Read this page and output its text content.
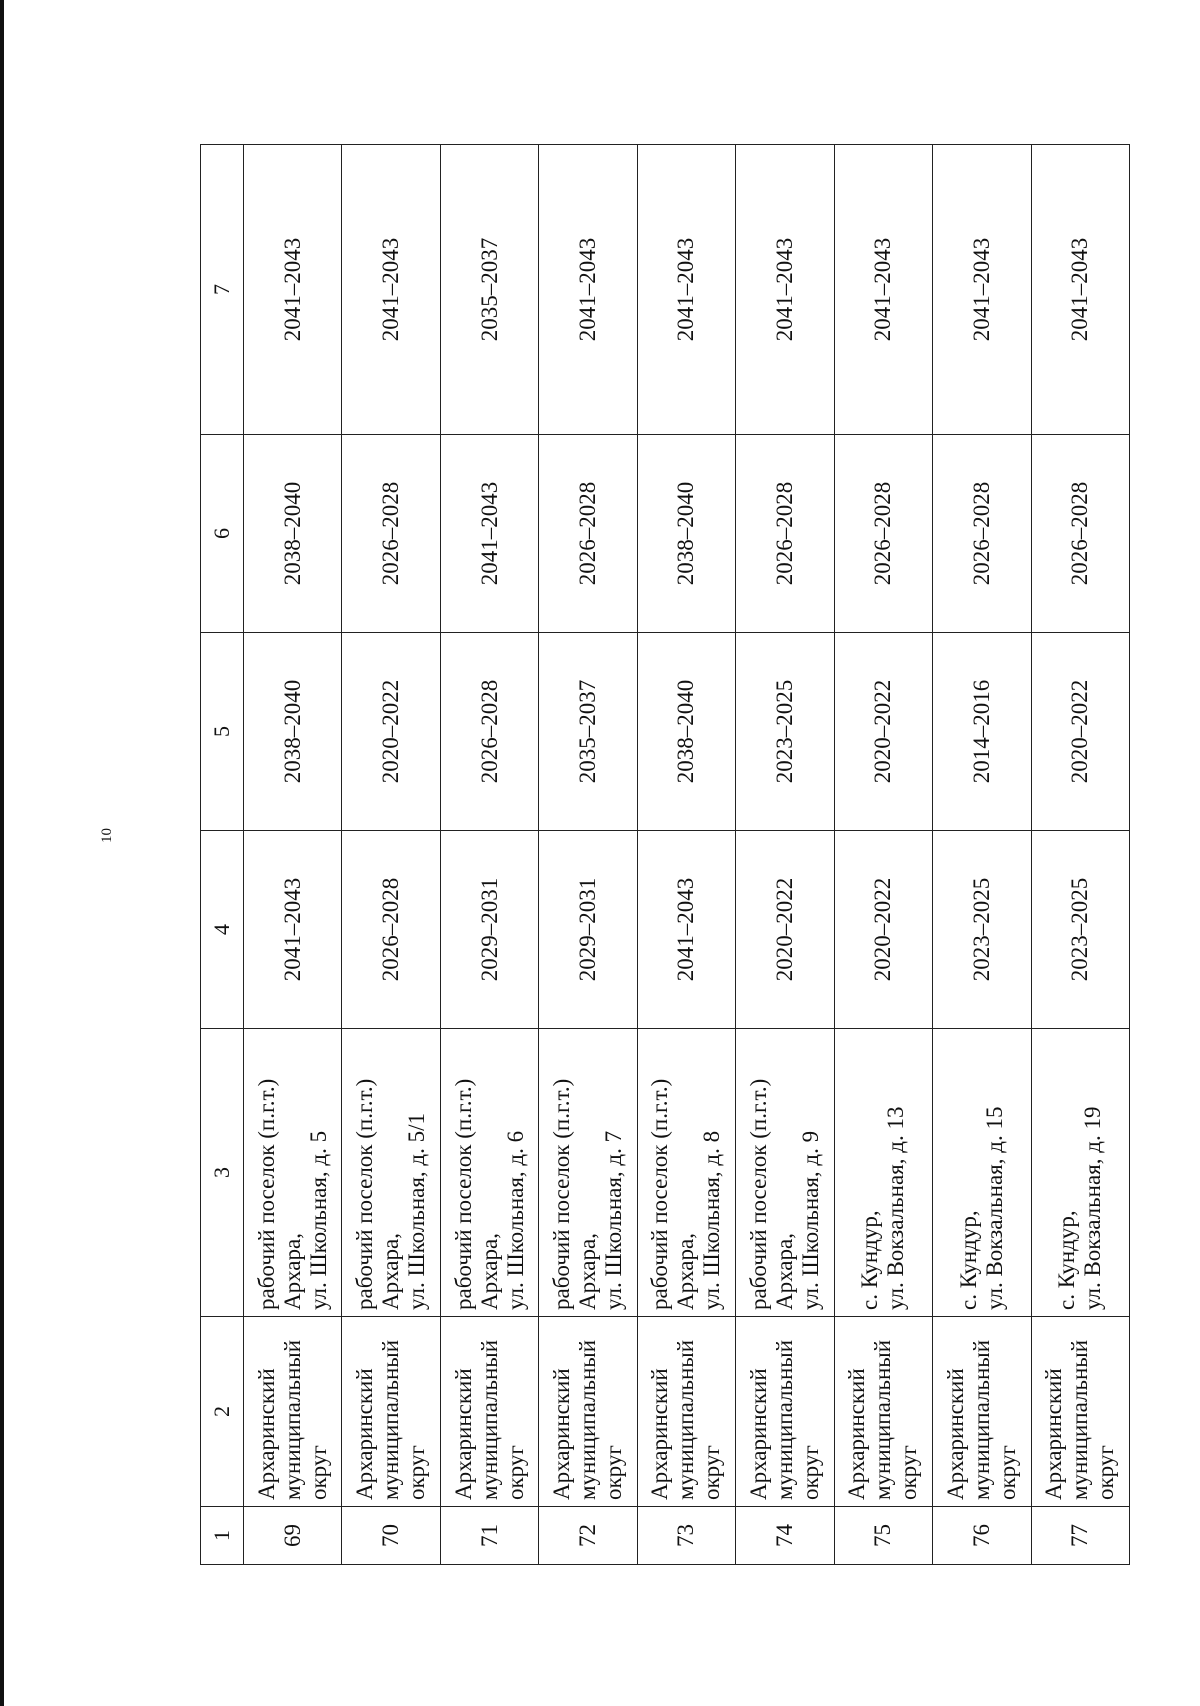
10
1	2	3	4	5	6	7
69	Архаринский
муниципальный
округ	рабочий поселок (п.г.т.)
Архара,
ул. Школьная, д. 5	2041–2043	2038–2040	2038–2040	2041–2043
70	Архаринский
муниципальный
округ	рабочий поселок (п.г.т.)
Архара,
ул. Школьная, д. 5/1	2026–2028	2020–2022	2026–2028	2041–2043
71	Архаринский
муниципальный
округ	рабочий поселок (п.г.т.)
Архара,
ул. Школьная, д. 6	2029–2031	2026–2028	2041–2043	2035–2037
72	Архаринский
муниципальный
округ	рабочий поселок (п.г.т.)
Архара,
ул. Школьная, д. 7	2029–2031	2035–2037	2026–2028	2041–2043
73	Архаринский
муниципальный
округ	рабочий поселок (п.г.т.)
Архара,
ул. Школьная, д. 8	2041–2043	2038–2040	2038–2040	2041–2043
74	Архаринский
муниципальный
округ	рабочий поселок (п.г.т.)
Архара,
ул. Школьная, д. 9	2020–2022	2023–2025	2026–2028	2041–2043
75	Архаринский
муниципальный
округ	с. Кундур,
ул. Вокзальная, д. 13	2020–2022	2020–2022	2026–2028	2041–2043
76	Архаринский
муниципальный
округ	с. Кундур,
ул. Вокзальная, д. 15	2023–2025	2014–2016	2026–2028	2041–2043
77	Архаринский
муниципальный
округ	с. Кундур,
ул. Вокзальная, д. 19	2023–2025	2020–2022	2026–2028	2041–2043
